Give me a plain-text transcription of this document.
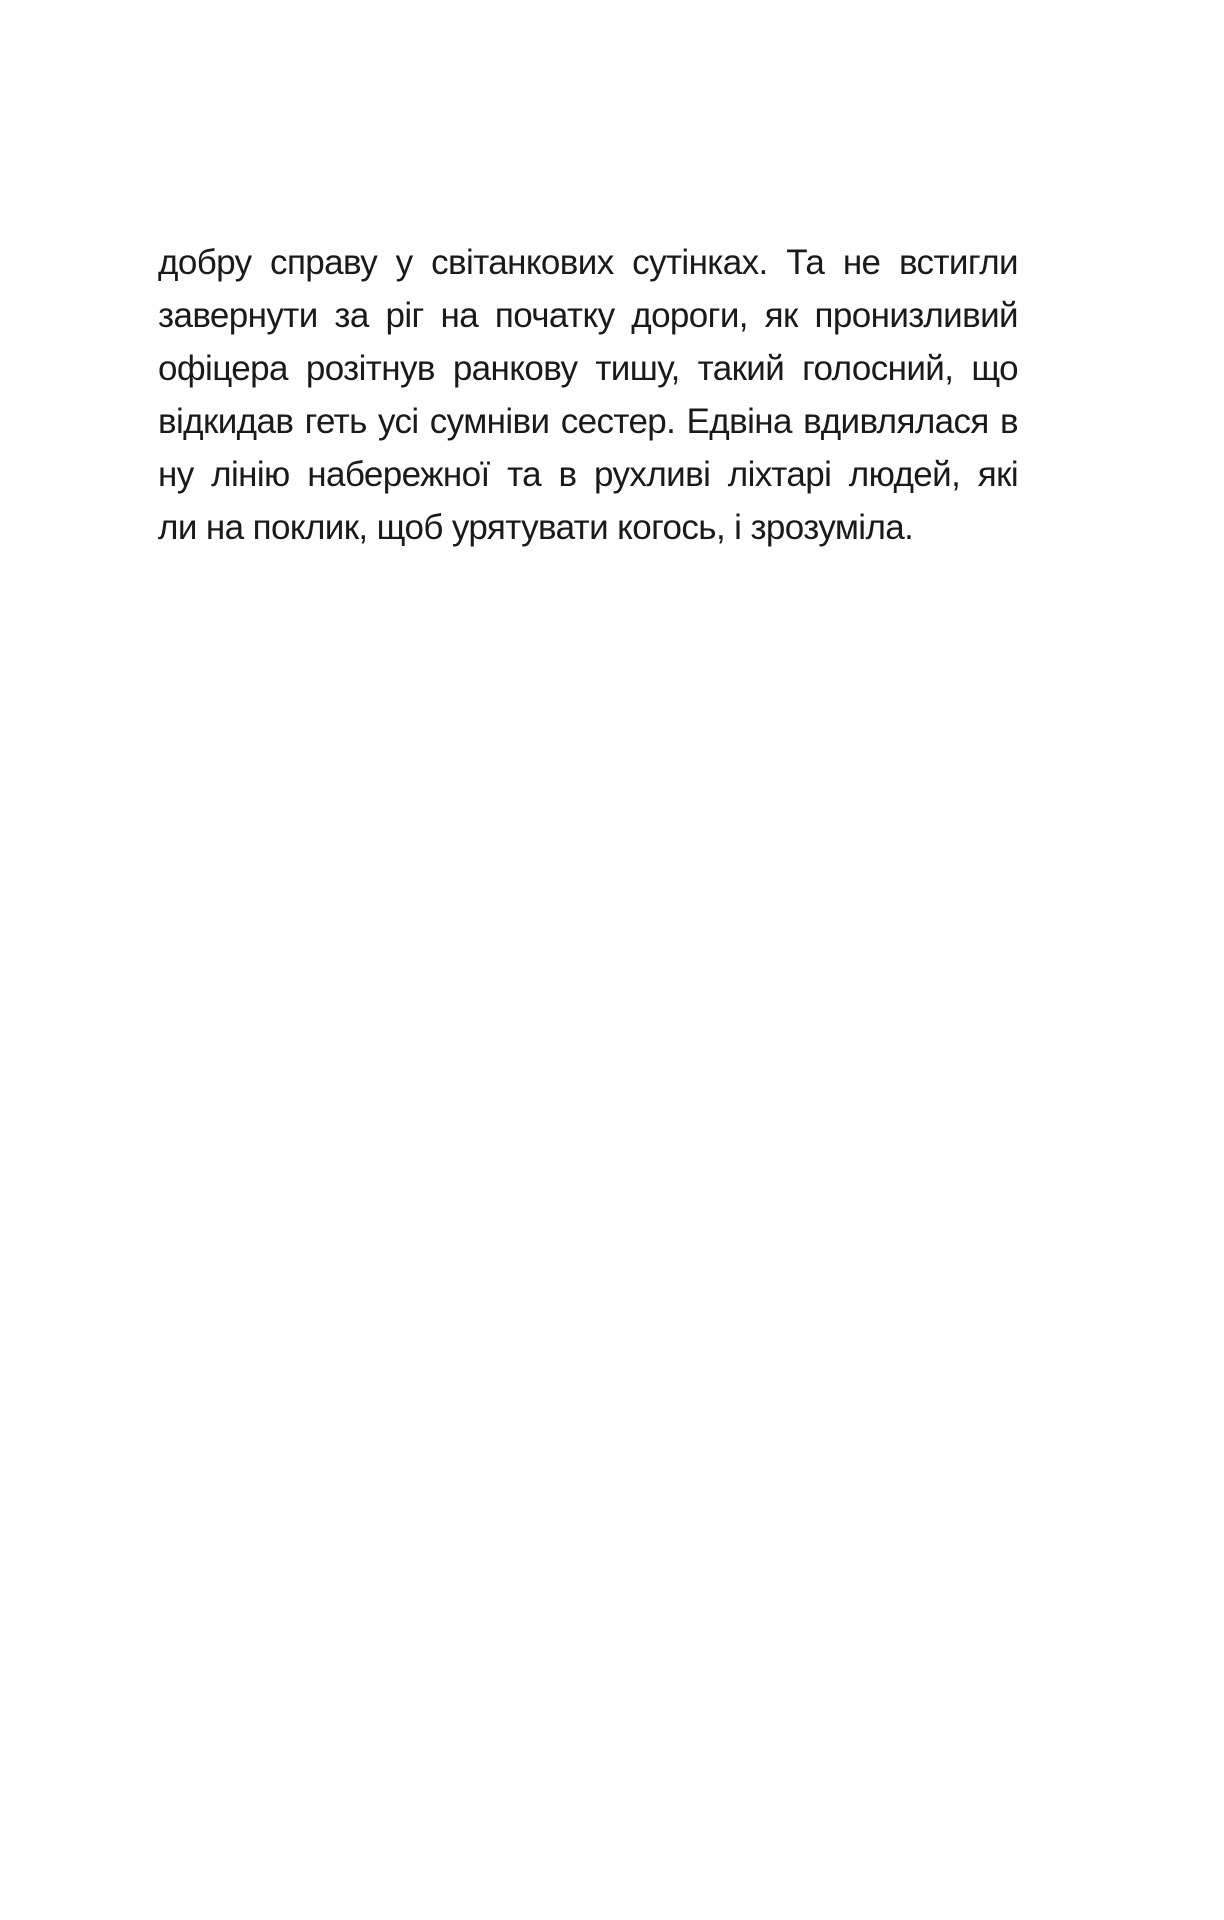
добру справу у світанкових сутінках. Та не встигли
завернути за ріг на початку дороги, як пронизливий
офіцера розітнув ранкову тишу, такий голосний, що
відкидав геть усі сумніви сестер. Едвіна вдивлялася в
ну лінію набережної та в рухливі ліхтарі людей, які
ли на поклик, щоб урятувати когось, і зрозуміла.
